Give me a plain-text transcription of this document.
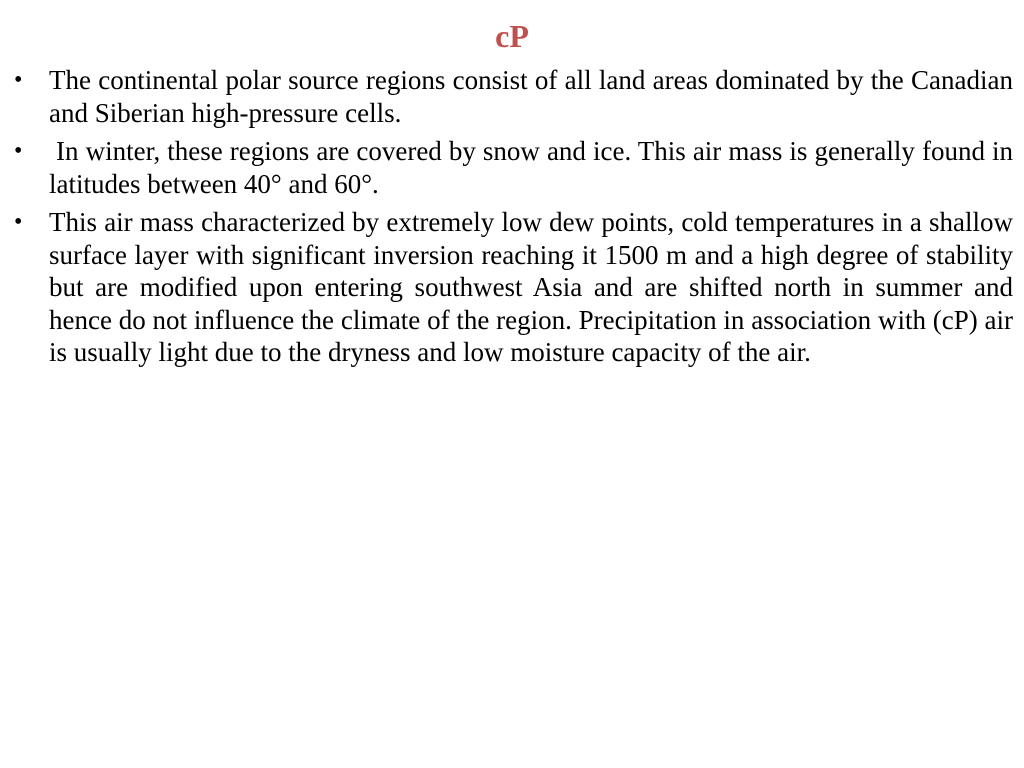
cP
• The continental polar source regions consist of all land areas dominated by the Canadian and Siberian high-pressure cells.
• In winter, these regions are covered by snow and ice. This air mass is generally found in latitudes between 40° and 60°.
• This air mass characterized by extremely low dew points, cold temperatures in a shallow surface layer with significant inversion reaching it 1500 m and a high degree of stability but are modified upon entering southwest Asia and are shifted north in summer and hence do not influence the climate of the region. Precipitation in association with (cP) air is usually light due to the dryness and low moisture capacity of the air.
